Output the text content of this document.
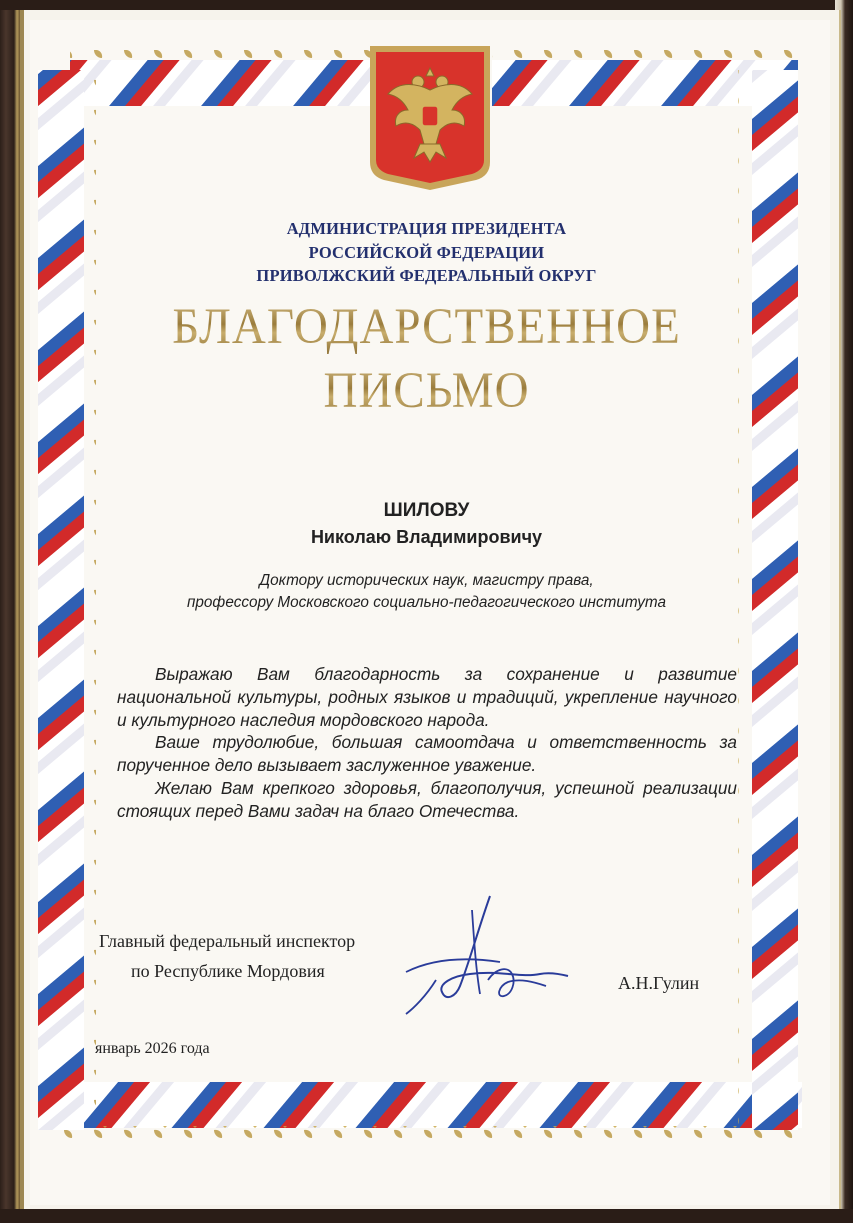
АДМИНИСТРАЦИЯ ПРЕЗИДЕНТА
РОССИЙСКОЙ ФЕДЕРАЦИИ
ПРИВОЛЖСКИЙ ФЕДЕРАЛЬНЫЙ ОКРУГ
БЛАГОДАРСТВЕННОЕ
ПИСЬМО
ШИЛОВУ
Николаю Владимировичу
Доктору исторических наук, магистру права,
профессору Московского социально-педагогического института

Выражаю Вам благодарность за сохранение и развитие национальной культуры, родных языков и традиций, укрепление научного и культурного наследия мордовского народа.

Ваше трудолюбие, большая самоотдача и ответственность за порученное дело вызывает заслуженное уважение.

Желаю Вам крепкого здоровья, благополучия, успешной реализации стоящих перед Вами задач на благо Отечества.

Главный федеральный инспектор
по Республике Мордовия
А.Н.Гулин
январь 2026 года
